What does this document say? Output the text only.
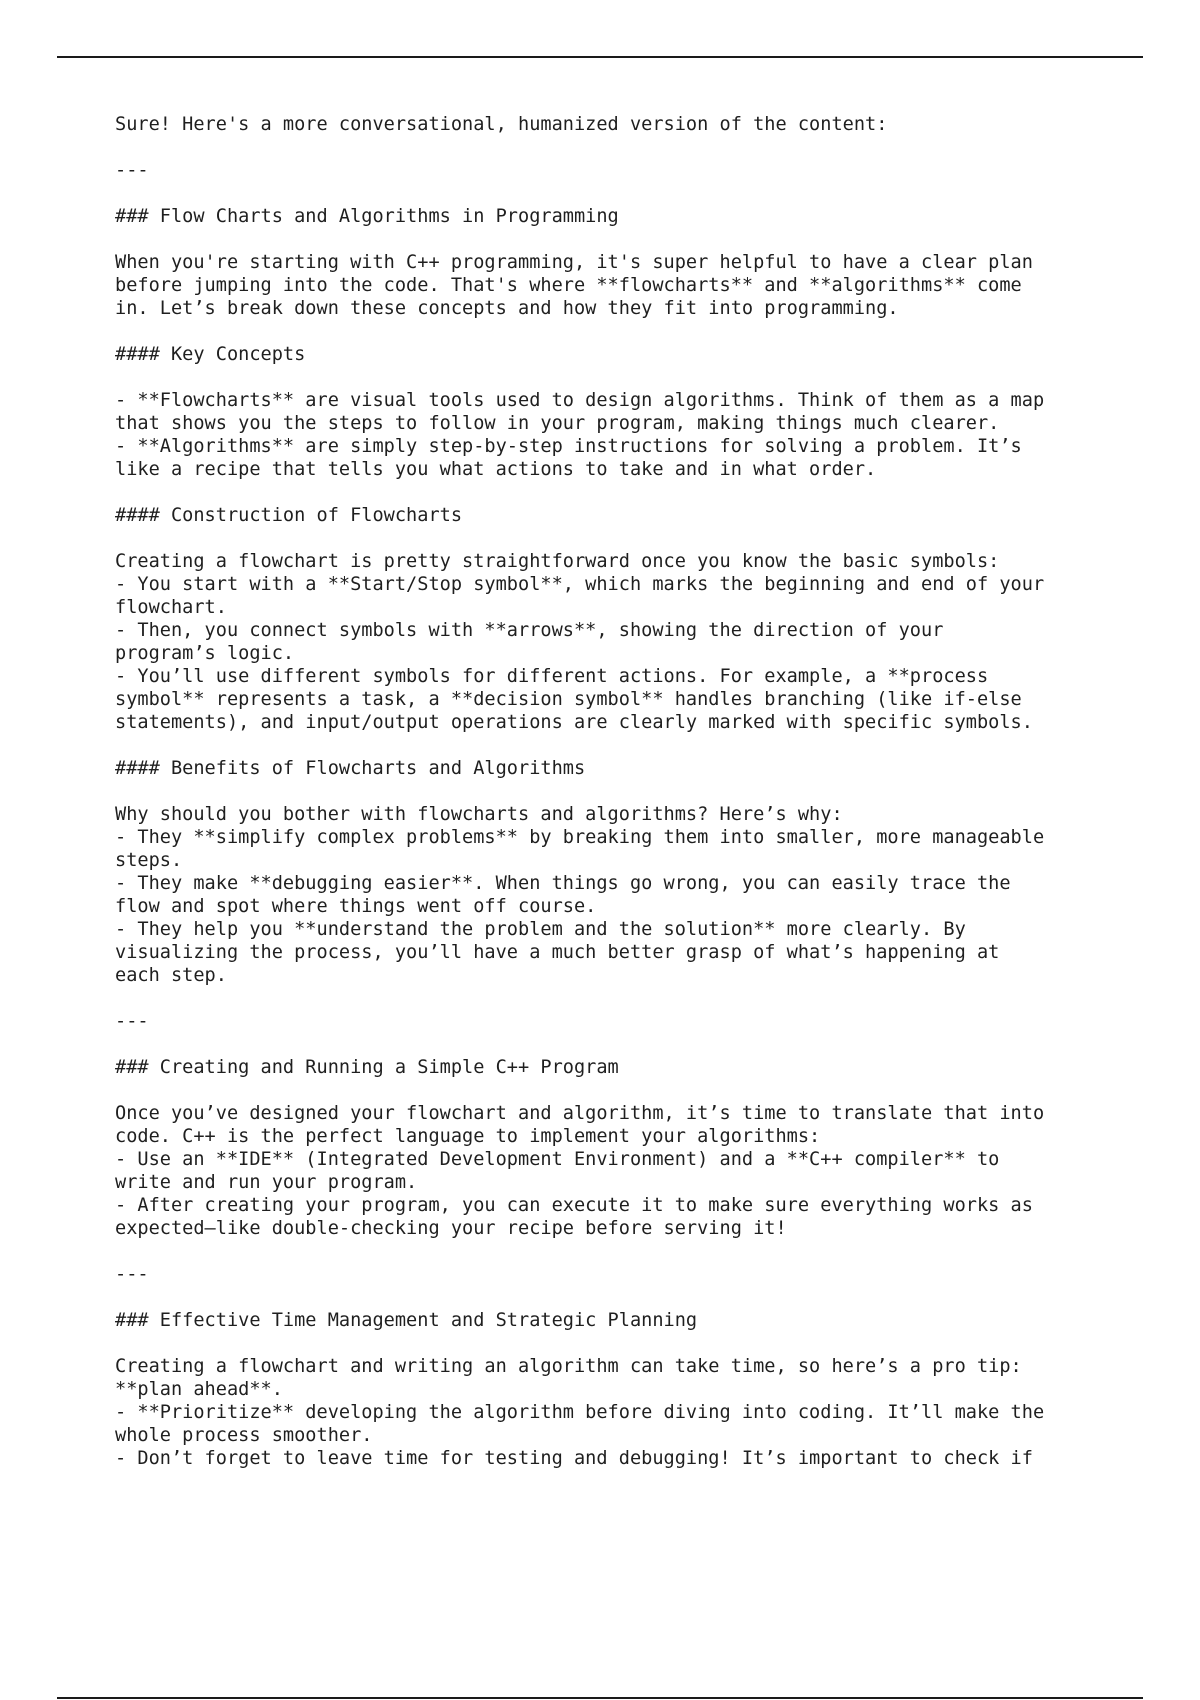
Sure! Here's a more conversational, humanized version of the content:
---
### Flow Charts and Algorithms in Programming
When you're starting with C++ programming, it's super helpful to have a clear plan
before jumping into the code. That's where **flowcharts** and **algorithms** come
in. Let’s break down these concepts and how they fit into programming.
#### Key Concepts
- **Flowcharts** are visual tools used to design algorithms. Think of them as a map
that shows you the steps to follow in your program, making things much clearer.
- **Algorithms** are simply step-by-step instructions for solving a problem. It’s
like a recipe that tells you what actions to take and in what order.
#### Construction of Flowcharts
Creating a flowchart is pretty straightforward once you know the basic symbols:
- You start with a **Start/Stop symbol**, which marks the beginning and end of your
flowchart.
- Then, you connect symbols with **arrows**, showing the direction of your
program’s logic.
- You’ll use different symbols for different actions. For example, a **process
symbol** represents a task, a **decision symbol** handles branching (like if-else
statements), and input/output operations are clearly marked with specific symbols.
#### Benefits of Flowcharts and Algorithms
Why should you bother with flowcharts and algorithms? Here’s why:
- They **simplify complex problems** by breaking them into smaller, more manageable
steps.
- They make **debugging easier**. When things go wrong, you can easily trace the
flow and spot where things went off course.
- They help you **understand the problem and the solution** more clearly. By
visualizing the process, you’ll have a much better grasp of what’s happening at
each step.
---
### Creating and Running a Simple C++ Program
Once you’ve designed your flowchart and algorithm, it’s time to translate that into
code. C++ is the perfect language to implement your algorithms:
- Use an **IDE** (Integrated Development Environment) and a **C++ compiler** to
write and run your program.
- After creating your program, you can execute it to make sure everything works as
expected—like double-checking your recipe before serving it!
---
### Effective Time Management and Strategic Planning
Creating a flowchart and writing an algorithm can take time, so here’s a pro tip:
**plan ahead**.
- **Prioritize** developing the algorithm before diving into coding. It’ll make the
whole process smoother.
- Don’t forget to leave time for testing and debugging! It’s important to check if
